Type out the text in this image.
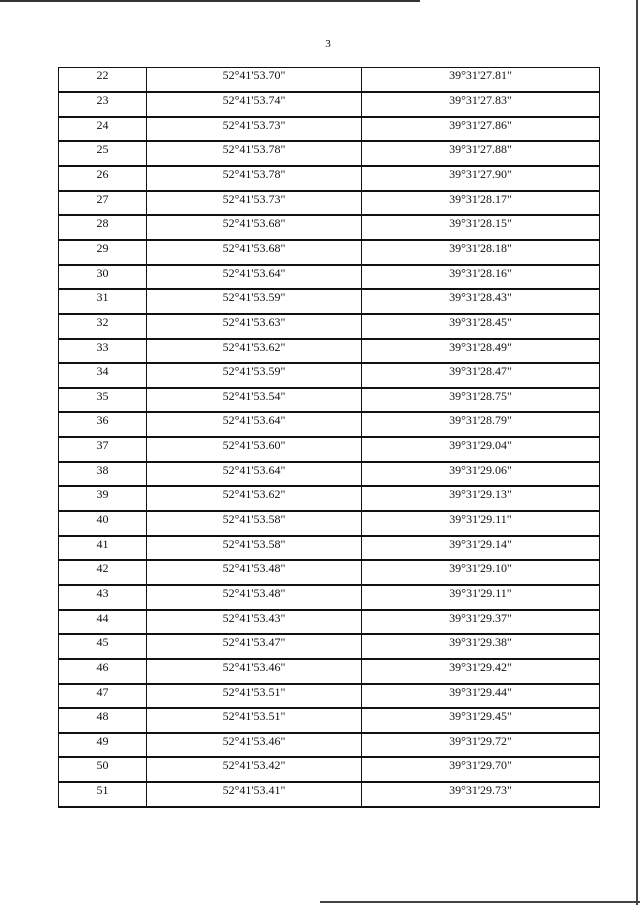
3
22	52°41'53.70"	39°31'27.81"
23	52°41'53.74"	39°31'27.83"
24	52°41'53.73"	39°31'27.86"
25	52°41'53.78"	39°31'27.88"
26	52°41'53.78"	39°31'27.90"
27	52°41'53.73"	39°31'28.17"
28	52°41'53.68"	39°31'28.15"
29	52°41'53.68"	39°31'28.18"
30	52°41'53.64"	39°31'28.16"
31	52°41'53.59"	39°31'28.43"
32	52°41'53.63"	39°31'28.45"
33	52°41'53.62"	39°31'28.49"
34	52°41'53.59"	39°31'28.47"
35	52°41'53.54"	39°31'28.75"
36	52°41'53.64"	39°31'28.79"
37	52°41'53.60"	39°31'29.04"
38	52°41'53.64"	39°31'29.06"
39	52°41'53.62"	39°31'29.13"
40	52°41'53.58"	39°31'29.11"
41	52°41'53.58"	39°31'29.14"
42	52°41'53.48"	39°31'29.10"
43	52°41'53.48"	39°31'29.11"
44	52°41'53.43"	39°31'29.37"
45	52°41'53.47"	39°31'29.38"
46	52°41'53.46"	39°31'29.42"
47	52°41'53.51"	39°31'29.44"
48	52°41'53.51"	39°31'29.45"
49	52°41'53.46"	39°31'29.72"
50	52°41'53.42"	39°31'29.70"
51	52°41'53.41"	39°31'29.73"
